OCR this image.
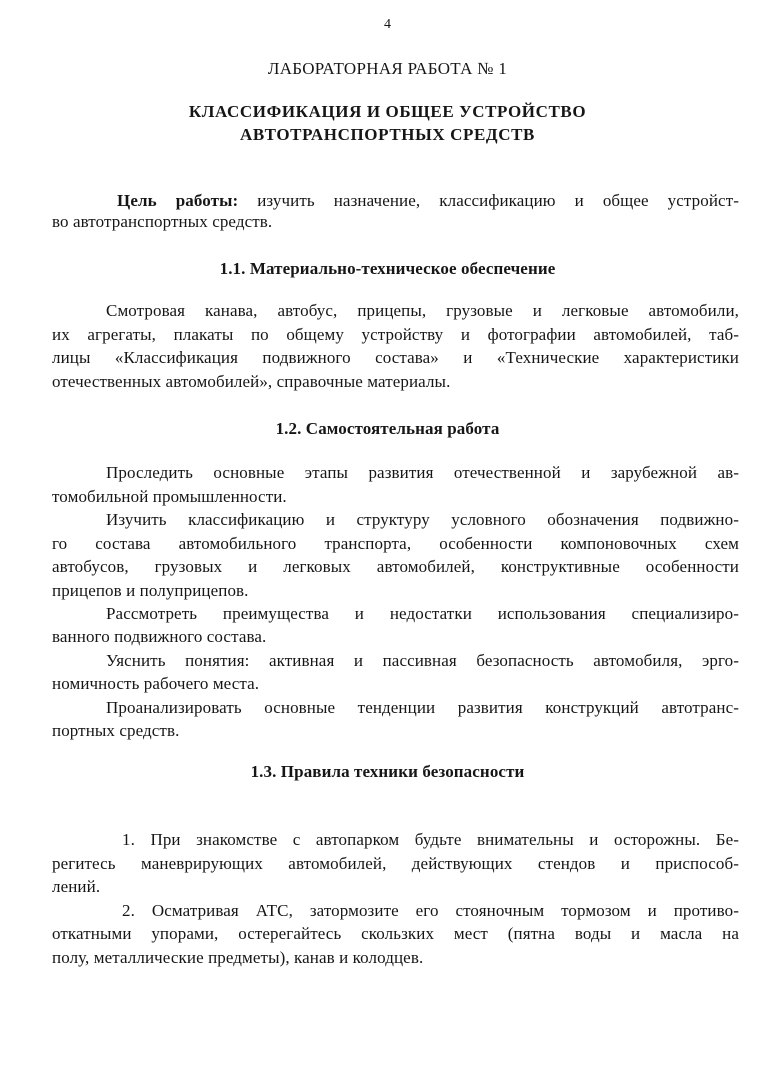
4
ЛАБОРАТОРНАЯ РАБОТА № 1
КЛАССИФИКАЦИЯ И ОБЩЕЕ УСТРОЙСТВО
АВТОТРАНСПОРТНЫХ СРЕДСТВ
Цель работы: изучить назначение, классификацию и общее устройст-
во автотранспортных средств.
1.1. Материально-техническое обеспечение
Смотровая канава, автобус, прицепы, грузовые и легковые автомобили,
их агрегаты, плакаты по общему устройству и фотографии автомобилей, таб-
лицы «Классификация подвижного состава» и «Технические характеристики
отечественных автомобилей», справочные материалы.
1.2. Самостоятельная работа
Проследить основные этапы развития отечественной и зарубежной ав-
томобильной промышленности.
Изучить классификацию и структуру условного обозначения подвижно-
го состава автомобильного транспорта, особенности компоновочных схем
автобусов, грузовых и легковых автомобилей, конструктивные особенности
прицепов и полуприцепов.
Рассмотреть преимущества и недостатки использования специализиро-
ванного подвижного состава.
Уяснить понятия: активная и пассивная безопасность автомобиля, эрго-
номичность рабочего места.
Проанализировать основные тенденции развития конструкций автотранс-
портных средств.
1.3. Правила техники безопасности
1. При знакомстве с автопарком будьте внимательны и осторожны. Бе-
регитесь маневрирующих автомобилей, действующих стендов и приспособ-
лений.
2. Осматривая АТС, затормозите его стояночным тормозом и противо-
откатными упорами, остерегайтесь скользких мест (пятна воды и масла на
полу, металлические предметы), канав и колодцев.
